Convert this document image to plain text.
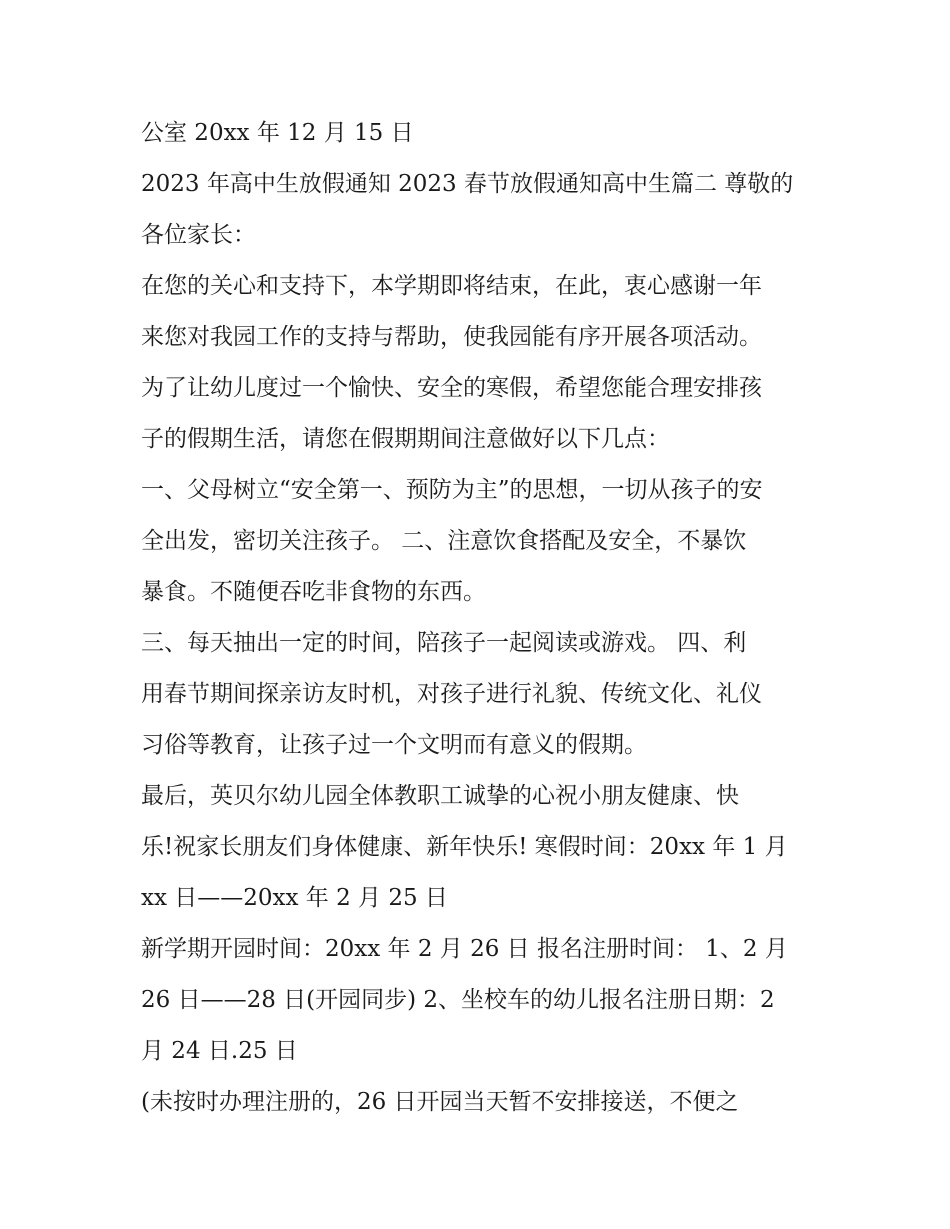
公室 20xx 年 12 月 15 日
2023 年高中生放假通知 2023 春节放假通知高中生篇二 尊敬的
各位家长：
在您的关心和支持下，本学期即将结束，在此，衷心感谢一年
来您对我园工作的支持与帮助，使我园能有序开展各项活动。
为了让幼儿度过一个愉快、安全的寒假，希望您能合理安排孩
子的假期生活，请您在假期期间注意做好以下几点：
一、父母树立“安全第一、预防为主”的思想，一切从孩子的安
全出发，密切关注孩子。 二、注意饮食搭配及安全，不暴饮
暴食。不随便吞吃非食物的东西。
三、每天抽出一定的时间，陪孩子一起阅读或游戏。 四、利
用春节期间探亲访友时机，对孩子进行礼貌、传统文化、礼仪
习俗等教育，让孩子过一个文明而有意义的假期。
最后，英贝尔幼儿园全体教职工诚挚的心祝小朋友健康、快
乐!祝家长朋友们身体健康、新年快乐! 寒假时间：20xx 年 1 月
xx 日——20xx 年 2 月 25 日
新学期开园时间：20xx 年 2 月 26 日 报名注册时间： 1、2 月
26 日——28 日(开园同步) 2、坐校车的幼儿报名注册日期：2
月 24 日.25 日
(未按时办理注册的，26 日开园当天暂不安排接送，不便之
